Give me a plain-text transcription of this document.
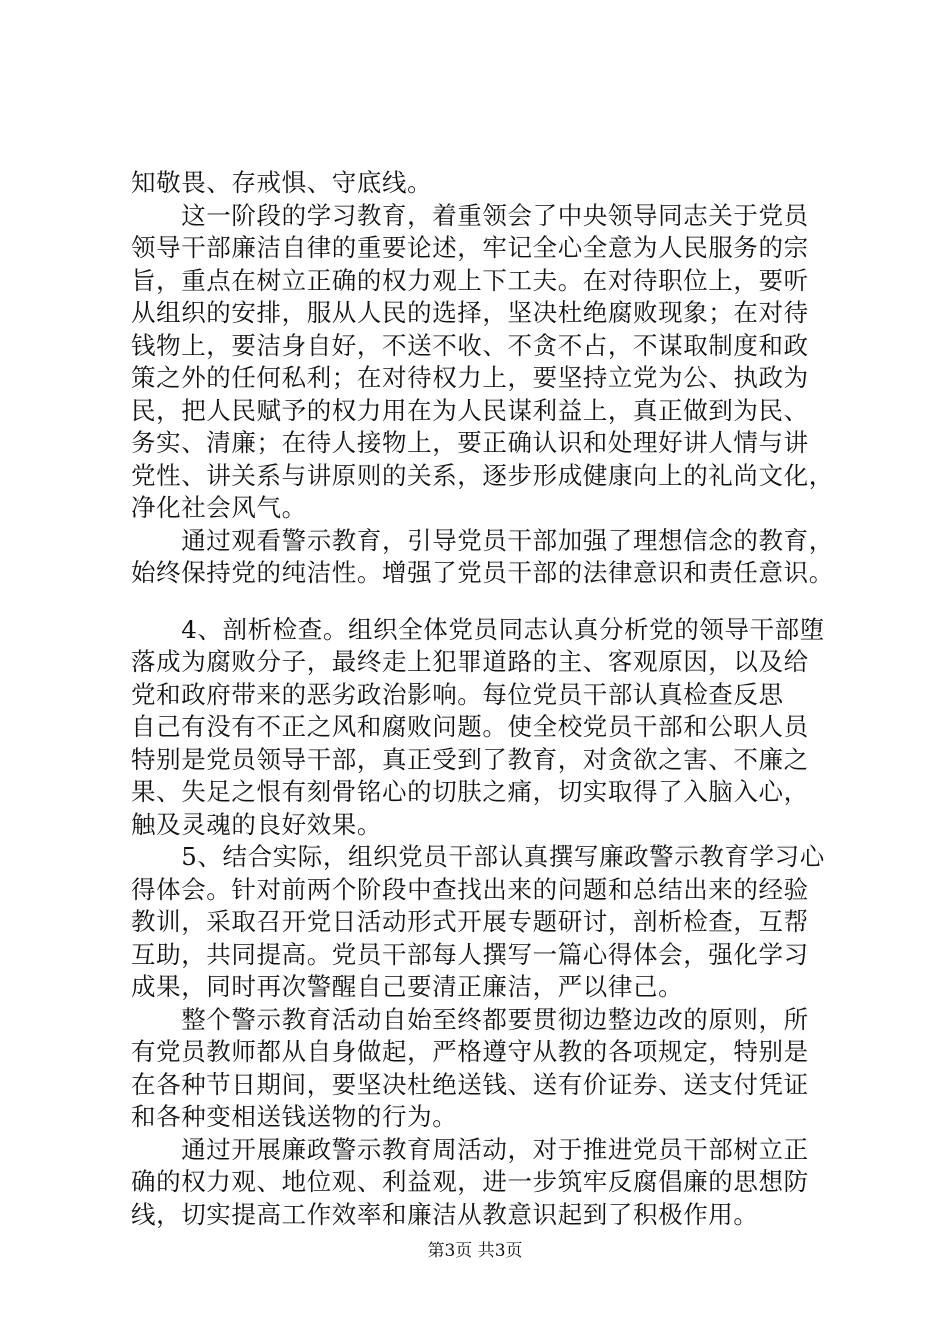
知敬畏、存戒惧、守底线。
　　这一阶段的学习教育，着重领会了中央领导同志关于党员
领导干部廉洁自律的重要论述，牢记全心全意为人民服务的宗
旨，重点在树立正确的权力观上下工夫。在对待职位上，要听
从组织的安排，服从人民的选择，坚决杜绝腐败现象；在对待
钱物上，要洁身自好，不送不收、不贪不占，不谋取制度和政
策之外的任何私利；在对待权力上，要坚持立党为公、执政为
民，把人民赋予的权力用在为人民谋利益上，真正做到为民、
务实、清廉；在待人接物上，要正确认识和处理好讲人情与讲
党性、讲关系与讲原则的关系，逐步形成健康向上的礼尚文化，
净化社会风气。
　　通过观看警示教育，引导党员干部加强了理想信念的教育，
始终保持党的纯洁性。增强了党员干部的法律意识和责任意识。
　　4、剖析检查。组织全体党员同志认真分析党的领导干部堕
落成为腐败分子，最终走上犯罪道路的主、客观原因，以及给
党和政府带来的恶劣政治影响。每位党员干部认真检查反思
自己有没有不正之风和腐败问题。使全校党员干部和公职人员
特别是党员领导干部，真正受到了教育，对贪欲之害、不廉之
果、失足之恨有刻骨铭心的切肤之痛，切实取得了入脑入心，
触及灵魂的良好效果。
　　5、结合实际，组织党员干部认真撰写廉政警示教育学习心
得体会。针对前两个阶段中查找出来的问题和总结出来的经验
教训，采取召开党日活动形式开展专题研讨，剖析检查，互帮
互助，共同提高。党员干部每人撰写一篇心得体会，强化学习
成果，同时再次警醒自己要清正廉洁，严以律己。
　　整个警示教育活动自始至终都要贯彻边整边改的原则，所
有党员教师都从自身做起，严格遵守从教的各项规定，特别是
在各种节日期间，要坚决杜绝送钱、送有价证券、送支付凭证
和各种变相送钱送物的行为。
　　通过开展廉政警示教育周活动，对于推进党员干部树立正
确的权力观、地位观、利益观，进一步筑牢反腐倡廉的思想防
线，切实提高工作效率和廉洁从教意识起到了积极作用。
第3页 共3页
